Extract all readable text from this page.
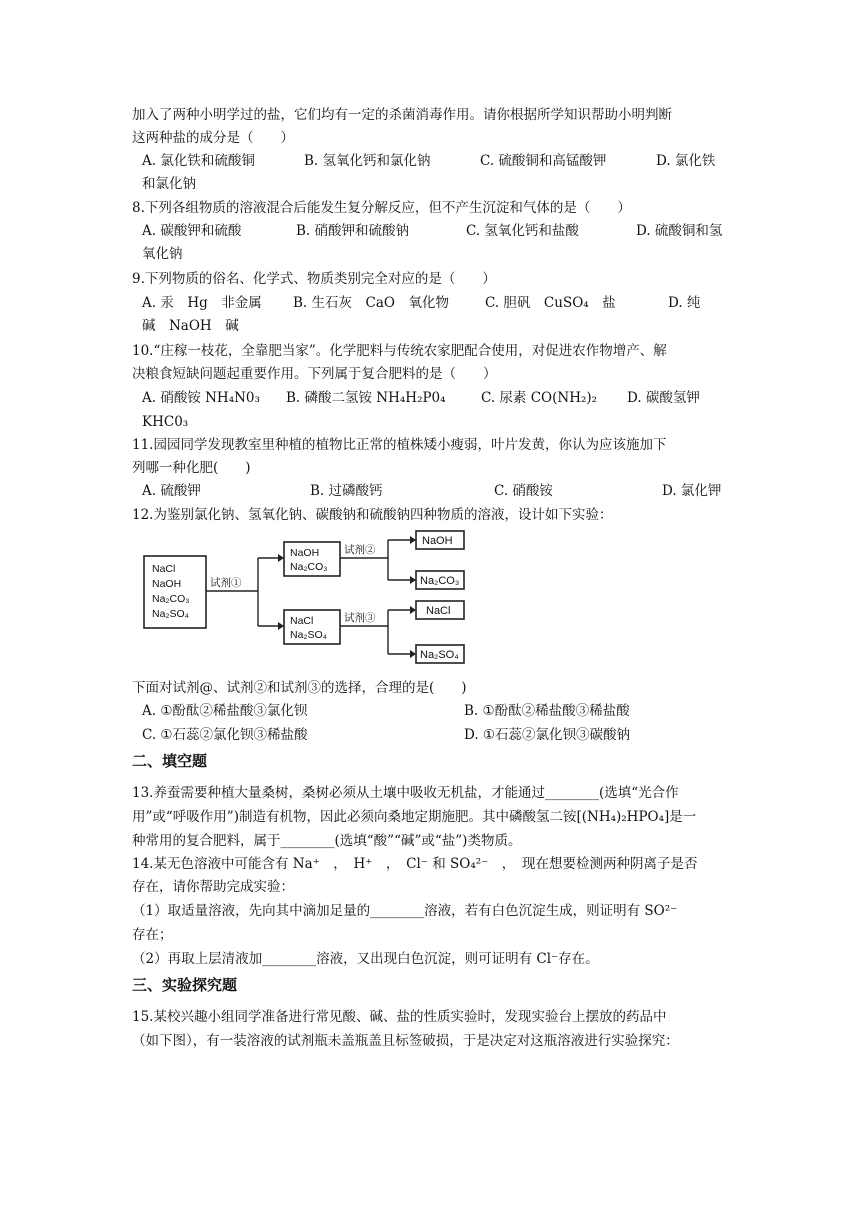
加入了两种小明学过的盐，它们均有一定的杀菌消毒作用。请你根据所学知识帮助小明判断
这两种盐的成分是（　　）
A. 氯化铁和硫酸铜	B. 氢氧化钙和氯化钠	C. 硫酸铜和高锰酸钾	D. 氯化铁
和氯化钠
8.下列各组物质的溶液混合后能发生复分解反应，但不产生沉淀和气体的是（　　）
A. 碳酸钾和硫酸	B. 硝酸钾和硫酸钠	C. 氢氧化钙和盐酸	D. 硫酸铜和氢
氧化钠
9.下列物质的俗名、化学式、物质类别完全对应的是（　　）
A. 汞　Hg　非金属 B. 生石灰　CaO　氧化物	C. 胆矾　CuSO₄　盐	D. 纯
碱　NaOH　碱
10.“庄稼一枝花，全靠肥当家”。化学肥料与传统农家肥配合使用，对促进农作物增产、解
决粮食短缺问题起重要作用。下列属于复合肥料的是（　　）
A. 硝酸铵 NH₄N0₃ B. 磷酸二氢铵 NH₄H₂P0₄	C. 尿素 CO(NH₂)₂ D. 碳酸氢钾
KHC0₃
11.园园同学发现教室里种植的植物比正常的植株矮小瘦弱，叶片发黄，你认为应该施加下
列哪一种化肥(　　)
A. 硫酸钾	B. 过磷酸钙	C. 硝酸铵	D. 氯化钾
12.为鉴别氯化钠、氢氧化钠、碳酸钠和硫酸钠四种物质的溶液，设计如下实验：
NaCl
NaOH
Na₂CO₃
Na₂SO₄
试剂①
NaOH
Na₂CO₃
NaCl
Na₂SO₄
试剂②
NaOH
Na₂CO₃
试剂③
NaCl
Na₂SO₄
下面对试剂@、试剂②和试剂③的选择，合理的是(　　)
A. ①酚酞②稀盐酸③氯化钡	B. ①酚酞②稀盐酸③稀盐酸
C. ①石蕊②氯化钡③稀盐酸	D. ①石蕊②氯化钡③碳酸钠
二、填空题
13.养蚕需要种植大量桑树，桑树必须从土壤中吸收无机盐，才能通过________(选填“光合作
用”或“呼吸作用”)制造有机物，因此必须向桑地定期施肥。其中磷酸氢二铵[(NH₄)₂HPO₄]是一
种常用的复合肥料，属于________(选填“酸”“碱”或“盐”)类物质。
14.某无色溶液中可能含有 Na⁺　，　H⁺　，　Cl⁻ 和 SO₄²⁻　，　现在想要检测两种阴离子是否
存在，请你帮助完成实验：
（1）取适量溶液，先向其中滴加足量的________溶液，若有白色沉淀生成，则证明有 SO²⁻
存在；
（2）再取上层清液加________溶液，又出现白色沉淀，则可证明有 Cl⁻存在。
三、实验探究题
15.某校兴趣小组同学准备进行常见酸、碱、盐的性质实验时，发现实验台上摆放的药品中
（如下图），有一装溶液的试剂瓶未盖瓶盖且标签破损，于是决定对这瓶溶液进行实验探究：
